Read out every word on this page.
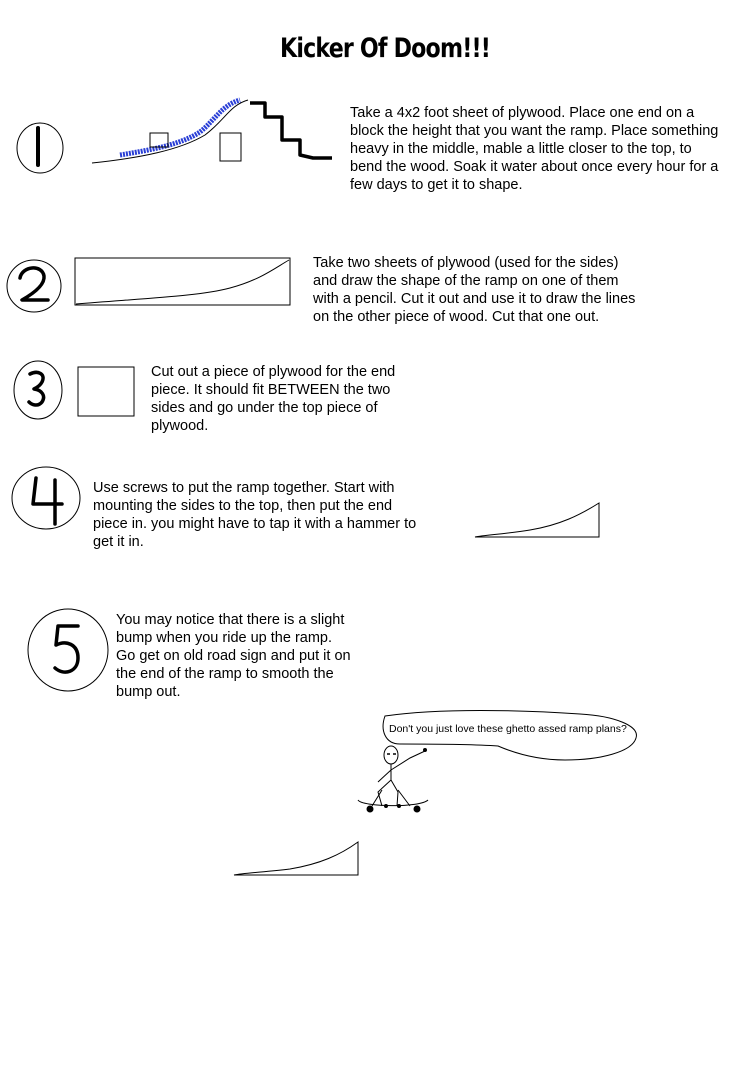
Kicker Of Doom!!!
Take a 4x2 foot sheet of plywood. Place one end on a block the height that you want the ramp. Place something heavy in the middle, mable a little closer to the top, to bend the wood. Soak it water about once every hour for a few days to get it to shape.
Take two sheets of plywood (used for the sides) and draw the shape of the ramp on one of them with a pencil. Cut it out and use it to draw the lines on the other piece of wood. Cut that one out.
Cut out a piece of plywood for the end piece. It should fit BETWEEN the two sides and go under the top piece of plywood.
Use screws to put the ramp together. Start with mounting the sides to the top, then put the end piece in. you might have to tap it with a hammer to get it in.
You may notice that there is a slight bump when you ride up the ramp. Go get on old road sign and put it on the end of the ramp to smooth the bump out.
Don't you just love these ghetto assed ramp plans?
